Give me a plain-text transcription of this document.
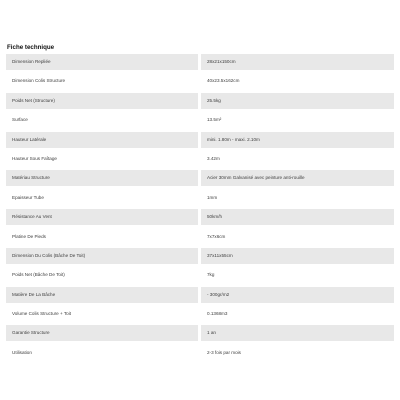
Fiche technique
Dimension Repliée	28x21x150cm
Dimension Colis Structure	40x23.5x162cm
Poids Net (Structure)	25.5kg
Surface	13.5m²
Hauteur Latérale	mini. 1.80m - maxi. 2.10m
Hauteur Sous Faîtage	3.42m
Matériau Structure	Acier 30mm Galvanisé avec peinture anti-rouille
Epaisseur Tube	1mm
Résistance Au Vent	50km/h
Platine De Pieds	7x7x6cm
Dimension Du Colis (Bâche De Toit)	37x11x55cm
Poids Net (Bâche De Toit)	7kg
Matière De La Bâche	- 300gr/m2
Volume Colis Structure + Toit	0.1368m3
Garantie Structure	1 an
Utilisation	2-3 fois par mois
